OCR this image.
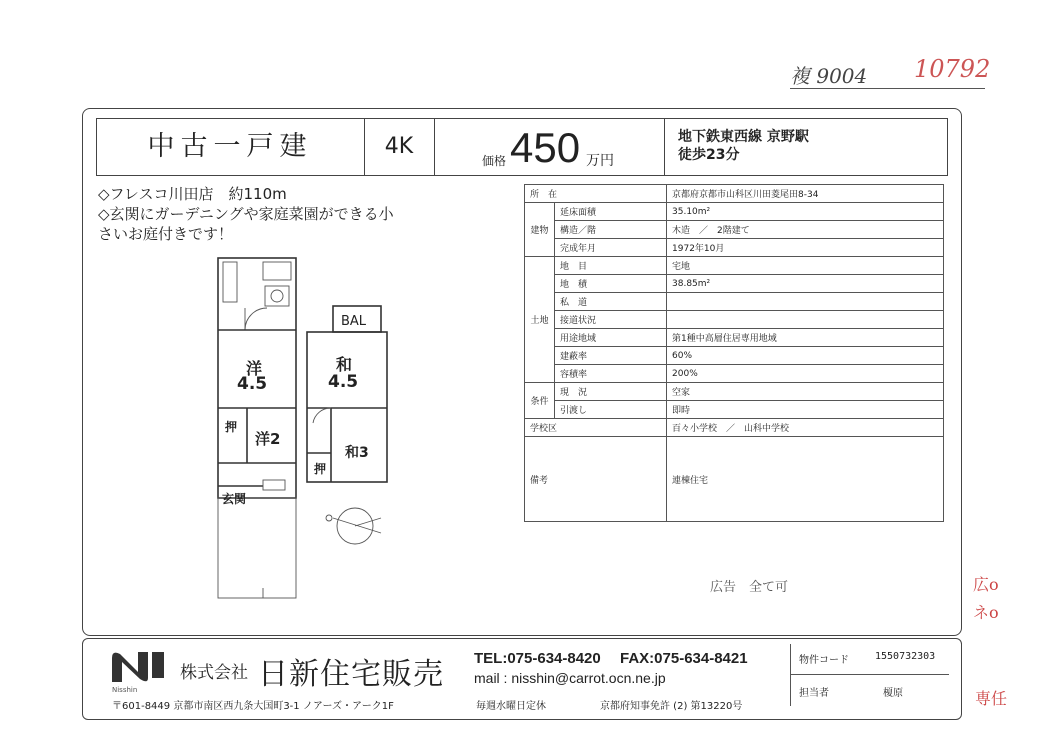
複 9004 10792
広o
ネo
専任
中古一戸建	4K
価格 450 万円
地下鉄東西線 京野駅
徒歩23分
◇フレスコ川田店　約110m
◇玄関にガーデニングや家庭菜園ができる小
さいお庭付きです！
BAL
洋
4.5
和
4.5
洋2
和3
押
押
玄関
所　在		京都府京都市山科区川田菱尾田8-34
建物	延床面積	35.10m²
	構造／階	木造　／　2階建て
	完成年月	1972年10月
土地	地　目	宅地
	地　積	38.85m²
	私　道	
	接道状況	
	用途地域	第1種中高層住居専用地域
	建蔽率	60%
	容積率	200%
条件	現　況	空家
	引渡し	即時
学校区		百々小学校　／　山科中学校
備考		連棟住宅
広告　全て可
Nisshin
株式会社 日新住宅販売 TEL:075-634-8420 FAX:075-634-8421
mail : nisshin@carrot.ocn.ne.jp
〒601-8449 京都市南区西九条大国町3-1 ノアーズ・アーク1F	毎週水曜日定休	京都府知事免許 (2) 第13220号
物件コード	1550732303
担当者	榎原
